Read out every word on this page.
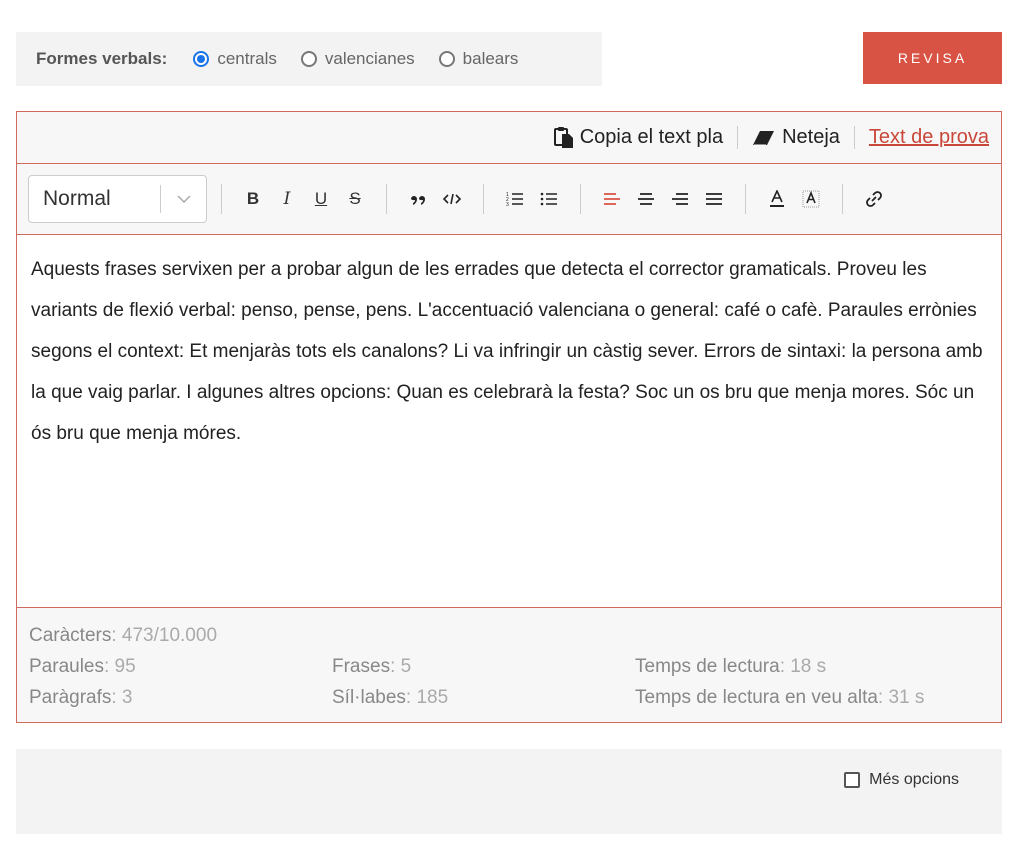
Formes verbals:	centrals	valencianes	balears	REVISA
Copia el text pla	Neteja	Text de prova
Normal	B	I	U	S	1
2
3
Aquests frases servixen per a probar algun de les errades que detecta el corrector gramaticals. Proveu les variants de flexió verbal: penso, pense, pens. L'accentuació valenciana o general: café o cafè. Paraules errònies segons el context: Et menjaràs tots els canalons? Li va infringir un càstig sever. Errors de sintaxi: la persona amb la que vaig parlar. I algunes altres opcions: Quan es celebrarà la festa? Soc un os bru que menja mores. Sóc un ós bru que menja móres.
Caràcters: 473/10.000
Paraules: 95	Frases: 5	Temps de lectura: 18 s
Paràgrafs: 3	Síl·labes: 185	Temps de lectura en veu alta: 31 s
Més opcions
